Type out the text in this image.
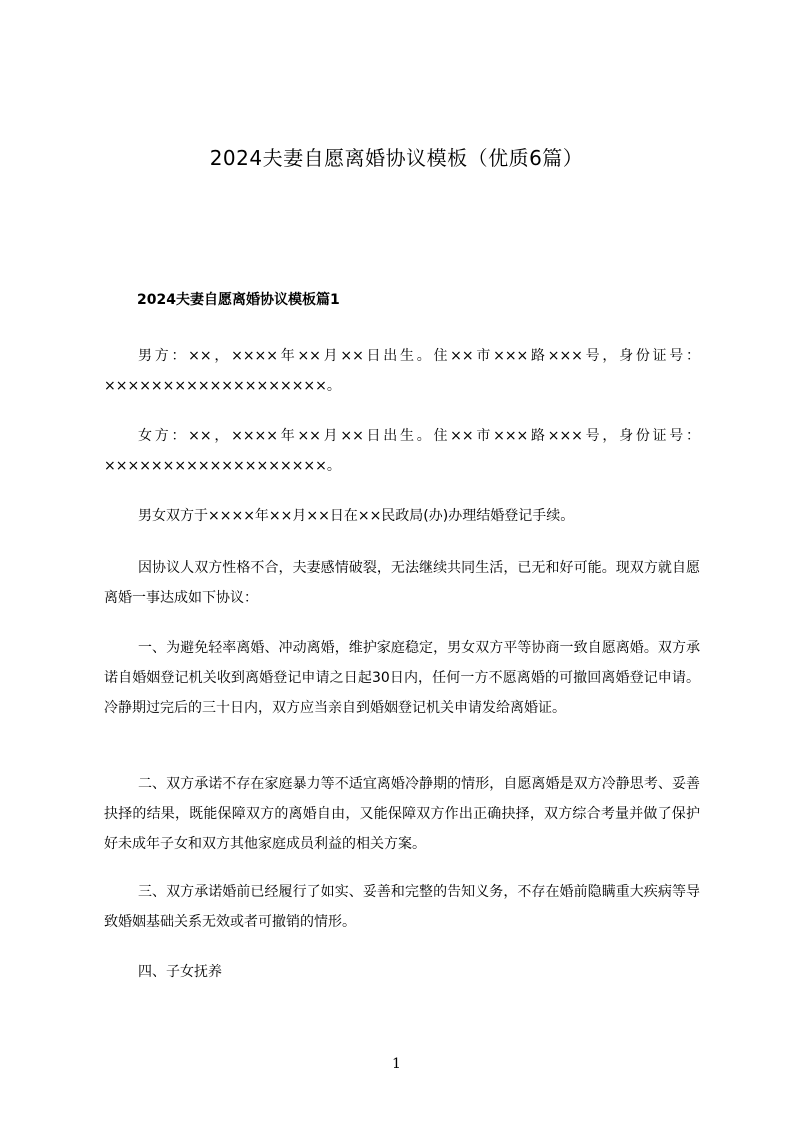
2024夫妻自愿离婚协议模板（优质6篇）
2024夫妻自愿离婚协议模板篇1
男方：××，××××年××月××日出生。住××市×××路×××号，身份证号：×××××××××××××××××××。
女方：××，××××年××月××日出生。住××市×××路×××号，身份证号：×××××××××××××××××××。
男女双方于××××年××月××日在××民政局(办)办理结婚登记手续。
因协议人双方性格不合，夫妻感情破裂，无法继续共同生活，已无和好可能。现双方就自愿离婚一事达成如下协议：
一、为避免轻率离婚、冲动离婚，维护家庭稳定，男女双方平等协商一致自愿离婚。双方承诺自婚姻登记机关收到离婚登记申请之日起30日内，任何一方不愿离婚的可撤回离婚登记申请。冷静期过完后的三十日内，双方应当亲自到婚姻登记机关申请发给离婚证。
二、双方承诺不存在家庭暴力等不适宜离婚冷静期的情形，自愿离婚是双方冷静思考、妥善抉择的结果，既能保障双方的离婚自由，又能保障双方作出正确抉择，双方综合考量并做了保护好未成年子女和双方其他家庭成员利益的相关方案。
三、双方承诺婚前已经履行了如实、妥善和完整的告知义务，不存在婚前隐瞒重大疾病等导致婚姻基础关系无效或者可撤销的情形。
四、子女抚养
1
